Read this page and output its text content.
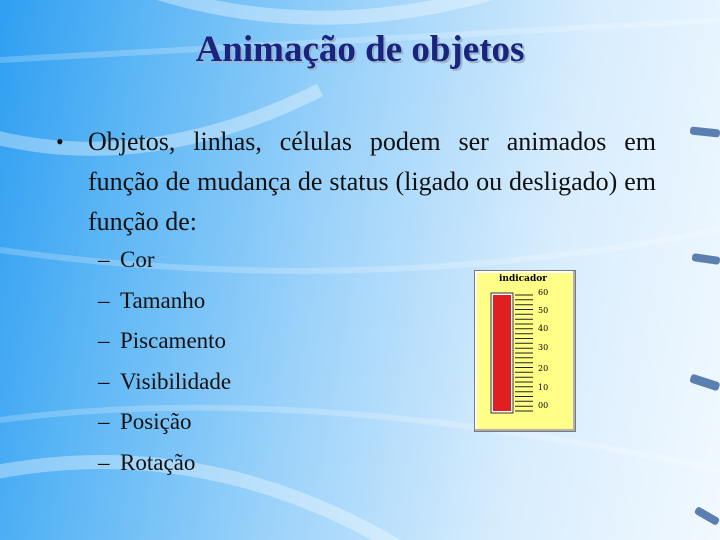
Animação de objetos
• Objetos, linhas, células podem ser animados em função de mudança de status (ligado ou desligado) em função de:
– Cor
– Tamanho
– Piscamento
– Visibilidade
– Posição
– Rotação
indicador
60
50
40
30
20
10
00
